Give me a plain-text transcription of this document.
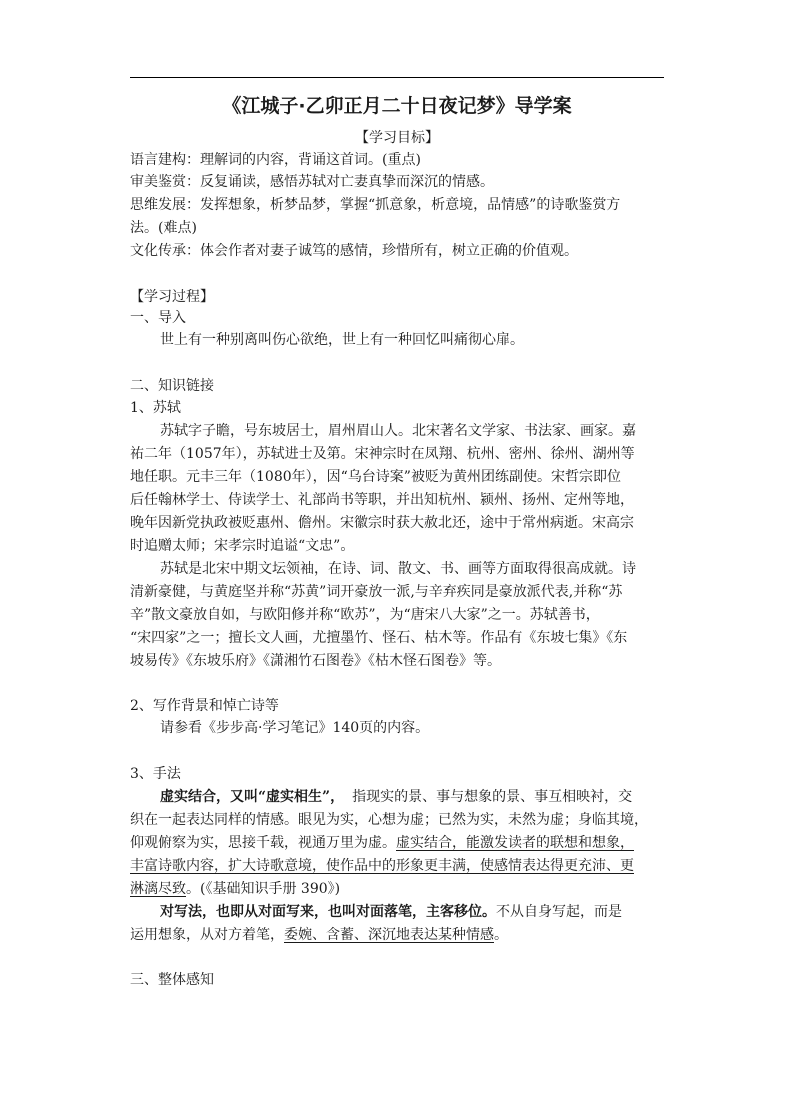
《江城子·乙卯正月二十日夜记梦》导学案
【学习目标】
语言建构：理解词的内容，背诵这首词。(重点)
审美鉴赏：反复诵读，感悟苏轼对亡妻真挚而深沉的情感。
思维发展：发挥想象，析梦品梦，掌握“抓意象，析意境，品情感”的诗歌鉴赏方
法。(难点)
文化传承：体会作者对妻子诚笃的感情，珍惜所有，树立正确的价值观。
【学习过程】
一、导入
世上有一种别离叫伤心欲绝，世上有一种回忆叫痛彻心扉。
二、知识链接
1、苏轼
苏轼字子瞻，号东坡居士，眉州眉山人。北宋著名文学家、书法家、画家。嘉
祐二年（1057年），苏轼进士及第。宋神宗时在凤翔、杭州、密州、徐州、湖州等
地任职。元丰三年（1080年），因“乌台诗案”被贬为黄州团练副使。宋哲宗即位
后任翰林学士、侍读学士、礼部尚书等职，并出知杭州、颍州、扬州、定州等地，
晚年因新党执政被贬惠州、儋州。宋徽宗时获大赦北还，途中于常州病逝。宋高宗
时追赠太师；宋孝宗时追谥“文忠”。
苏轼是北宋中期文坛领袖，在诗、词、散文、书、画等方面取得很高成就。诗
清新豪健，与黄庭坚并称“苏黄”词开豪放一派,与辛弃疾同是豪放派代表,并称“苏
辛”散文豪放自如，与欧阳修并称“欧苏”，为“唐宋八大家”之一。苏轼善书，
“宋四家”之一；擅长文人画，尤擅墨竹、怪石、枯木等。作品有《东坡七集》《东
坡易传》《东坡乐府》《潇湘竹石图卷》《枯木怪石图卷》等。
2、写作背景和悼亡诗等
请参看《步步高·学习笔记》140页的内容。
3、手法
虚实结合，又叫“虚实相生”， 指现实的景、事与想象的景、事互相映衬，交
织在一起表达同样的情感。眼见为实，心想为虚；已然为实，未然为虚；身临其境，
仰观俯察为实，思接千载，视通万里为虚。虚实结合，能激发读者的联想和想象，
丰富诗歌内容，扩大诗歌意境，使作品中的形象更丰满，使感情表达得更充沛、更
淋漓尽致。(《基础知识手册 390》)
对写法，也即从对面写来，也叫对面落笔，主客移位。不从自身写起，而是
运用想象，从对方着笔，委婉、含蓄、深沉地表达某种情感。
三、整体感知
